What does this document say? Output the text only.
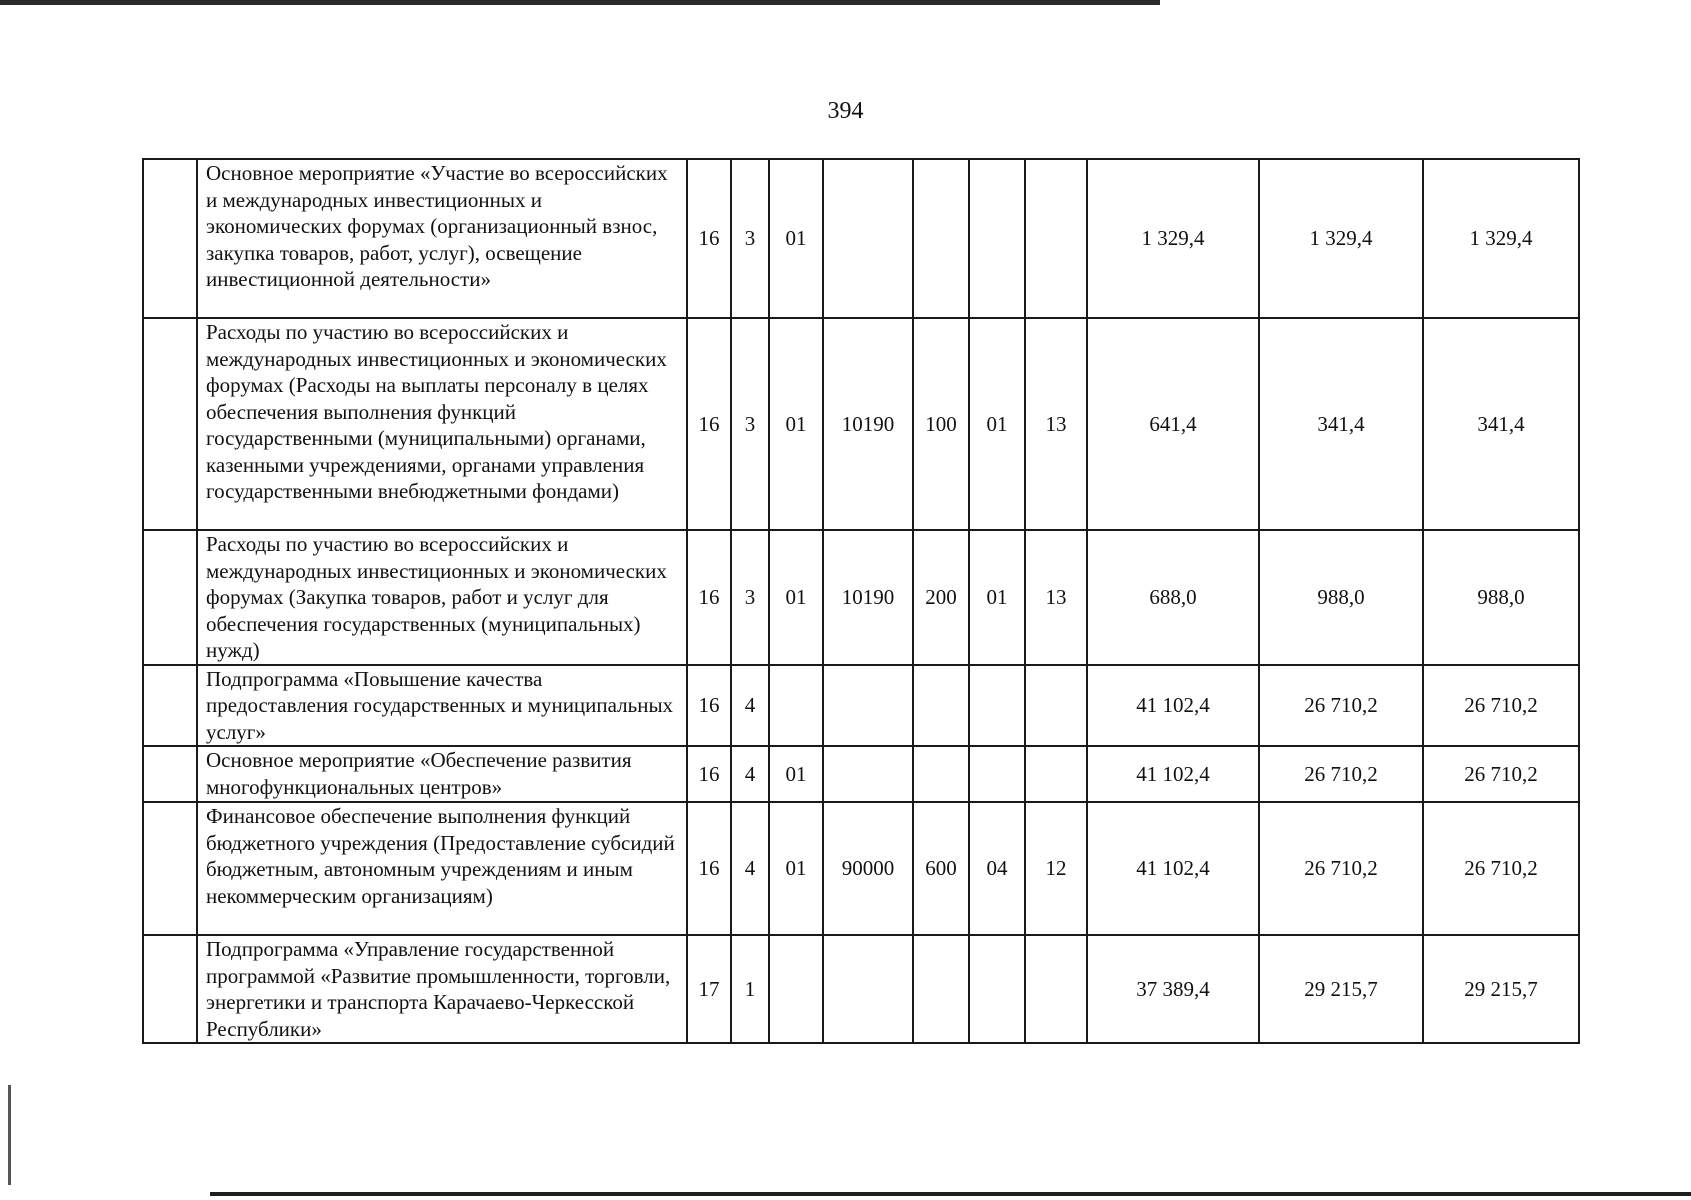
394
	Основное мероприятие «Участие во всероссийских и международных инвестиционных и экономических форумах (организационный взнос, закупка товаров, работ, услуг), освещение инвестиционной деятельности»	16	3	01					1 329,4	1 329,4	1 329,4
	Расходы по участию во всероссийских и международных инвестиционных и экономических форумах (Расходы на выплаты персоналу в целях обеспечения выполнения функций государственными (муниципальными) органами, казенными учреждениями, органами управления государственными внебюджетными фондами)	16	3	01	10190	100	01	13	641,4	341,4	341,4
	Расходы по участию во всероссийских и международных инвестиционных и экономических форумах (Закупка товаров, работ и услуг для обеспечения государственных (муниципальных) нужд)	16	3	01	10190	200	01	13	688,0	988,0	988,0
	Подпрограмма «Повышение качества предоставления государственных и муниципальных услуг»	16	4						41 102,4	26 710,2	26 710,2
	Основное мероприятие «Обеспечение развития многофункциональных центров»	16	4	01					41 102,4	26 710,2	26 710,2
	Финансовое обеспечение выполнения функций бюджетного учреждения (Предоставление субсидий бюджетным, автономным учреждениям и иным некоммерческим организациям)	16	4	01	90000	600	04	12	41 102,4	26 710,2	26 710,2
	Подпрограмма «Управление государственной программой «Развитие промышленности, торговли, энергетики и транспорта Карачаево-Черкесской Республики»	17	1						37 389,4	29 215,7	29 215,7
